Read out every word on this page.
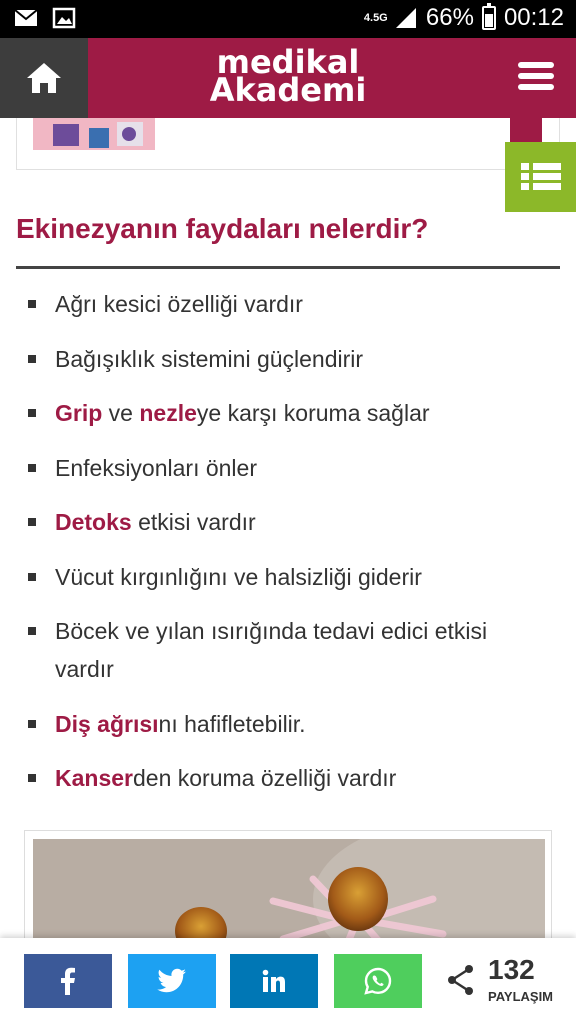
4.5G 66% 00:12
medikal
Akademi
Ekinezyanın faydaları nelerdir?
Ağrı kesici özelliği vardır
Bağışıklık sistemini güçlendirir
Grip ve nezleye karşı koruma sağlar
Enfeksiyonları önler
Detoks etkisi vardır
Vücut kırgınlığını ve halsizliği giderir
Böcek ve yılan ısırığında tedavi edici etkisi vardır
Diş ağrısını hafifletebilir.
Kanserden koruma özelliği vardır
132
PAYLAŞIM
